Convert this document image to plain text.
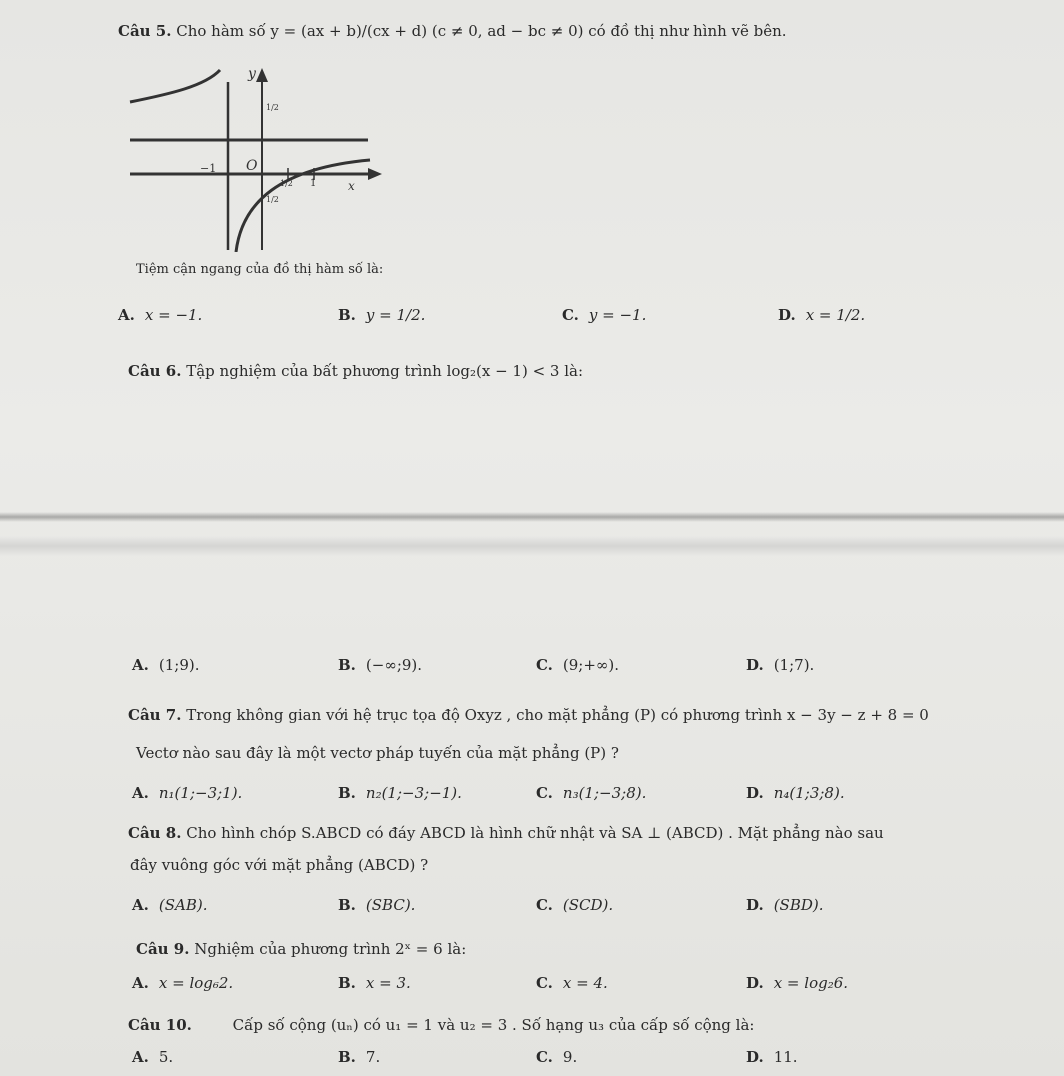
Câu 5. Cho hàm số y = (ax + b)/(cx + d) (c ≠ 0, ad − bc ≠ 0) có đồ thị như hình vẽ bên.
y
O
x
−1
1
1/2
1/2
1/2
Tiệm cận ngang của đồ thị hàm số là:
A. x = −1.	B. y = 1/2.	C. y = −1.	D. x = 1/2.
Câu 6. Tập nghiệm của bất phương trình log₂(x − 1) < 3 là:
A. (1;9).	B. (−∞;9).	C. (9;+∞).	D. (1;7).
Câu 7. Trong không gian với hệ trục tọa độ Oxyz , cho mặt phẳng (P) có phương trình x − 3y − z + 8 = 0
Vectơ nào sau đây là một vectơ pháp tuyến của mặt phẳng (P) ?
A. n₁(1;−3;1).	B. n₂(1;−3;−1).	C. n₃(1;−3;8).	D. n₄(1;3;8).
Câu 8. Cho hình chóp S.ABCD có đáy ABCD là hình chữ nhật và SA ⊥ (ABCD) . Mặt phẳng nào sau
đây vuông góc với mặt phẳng (ABCD) ?
A. (SAB).	B. (SBC).	C. (SCD).	D. (SBD).
Câu 9. Nghiệm của phương trình 2ˣ = 6 là:
A. x = log₆2.	B. x = 3.	C. x = 4.	D. x = log₂6.
Câu 10.	Cấp số cộng (uₙ) có u₁ = 1 và u₂ = 3 . Số hạng u₃ của cấp số cộng là:
A. 5.	B. 7.	C. 9.	D. 11.
